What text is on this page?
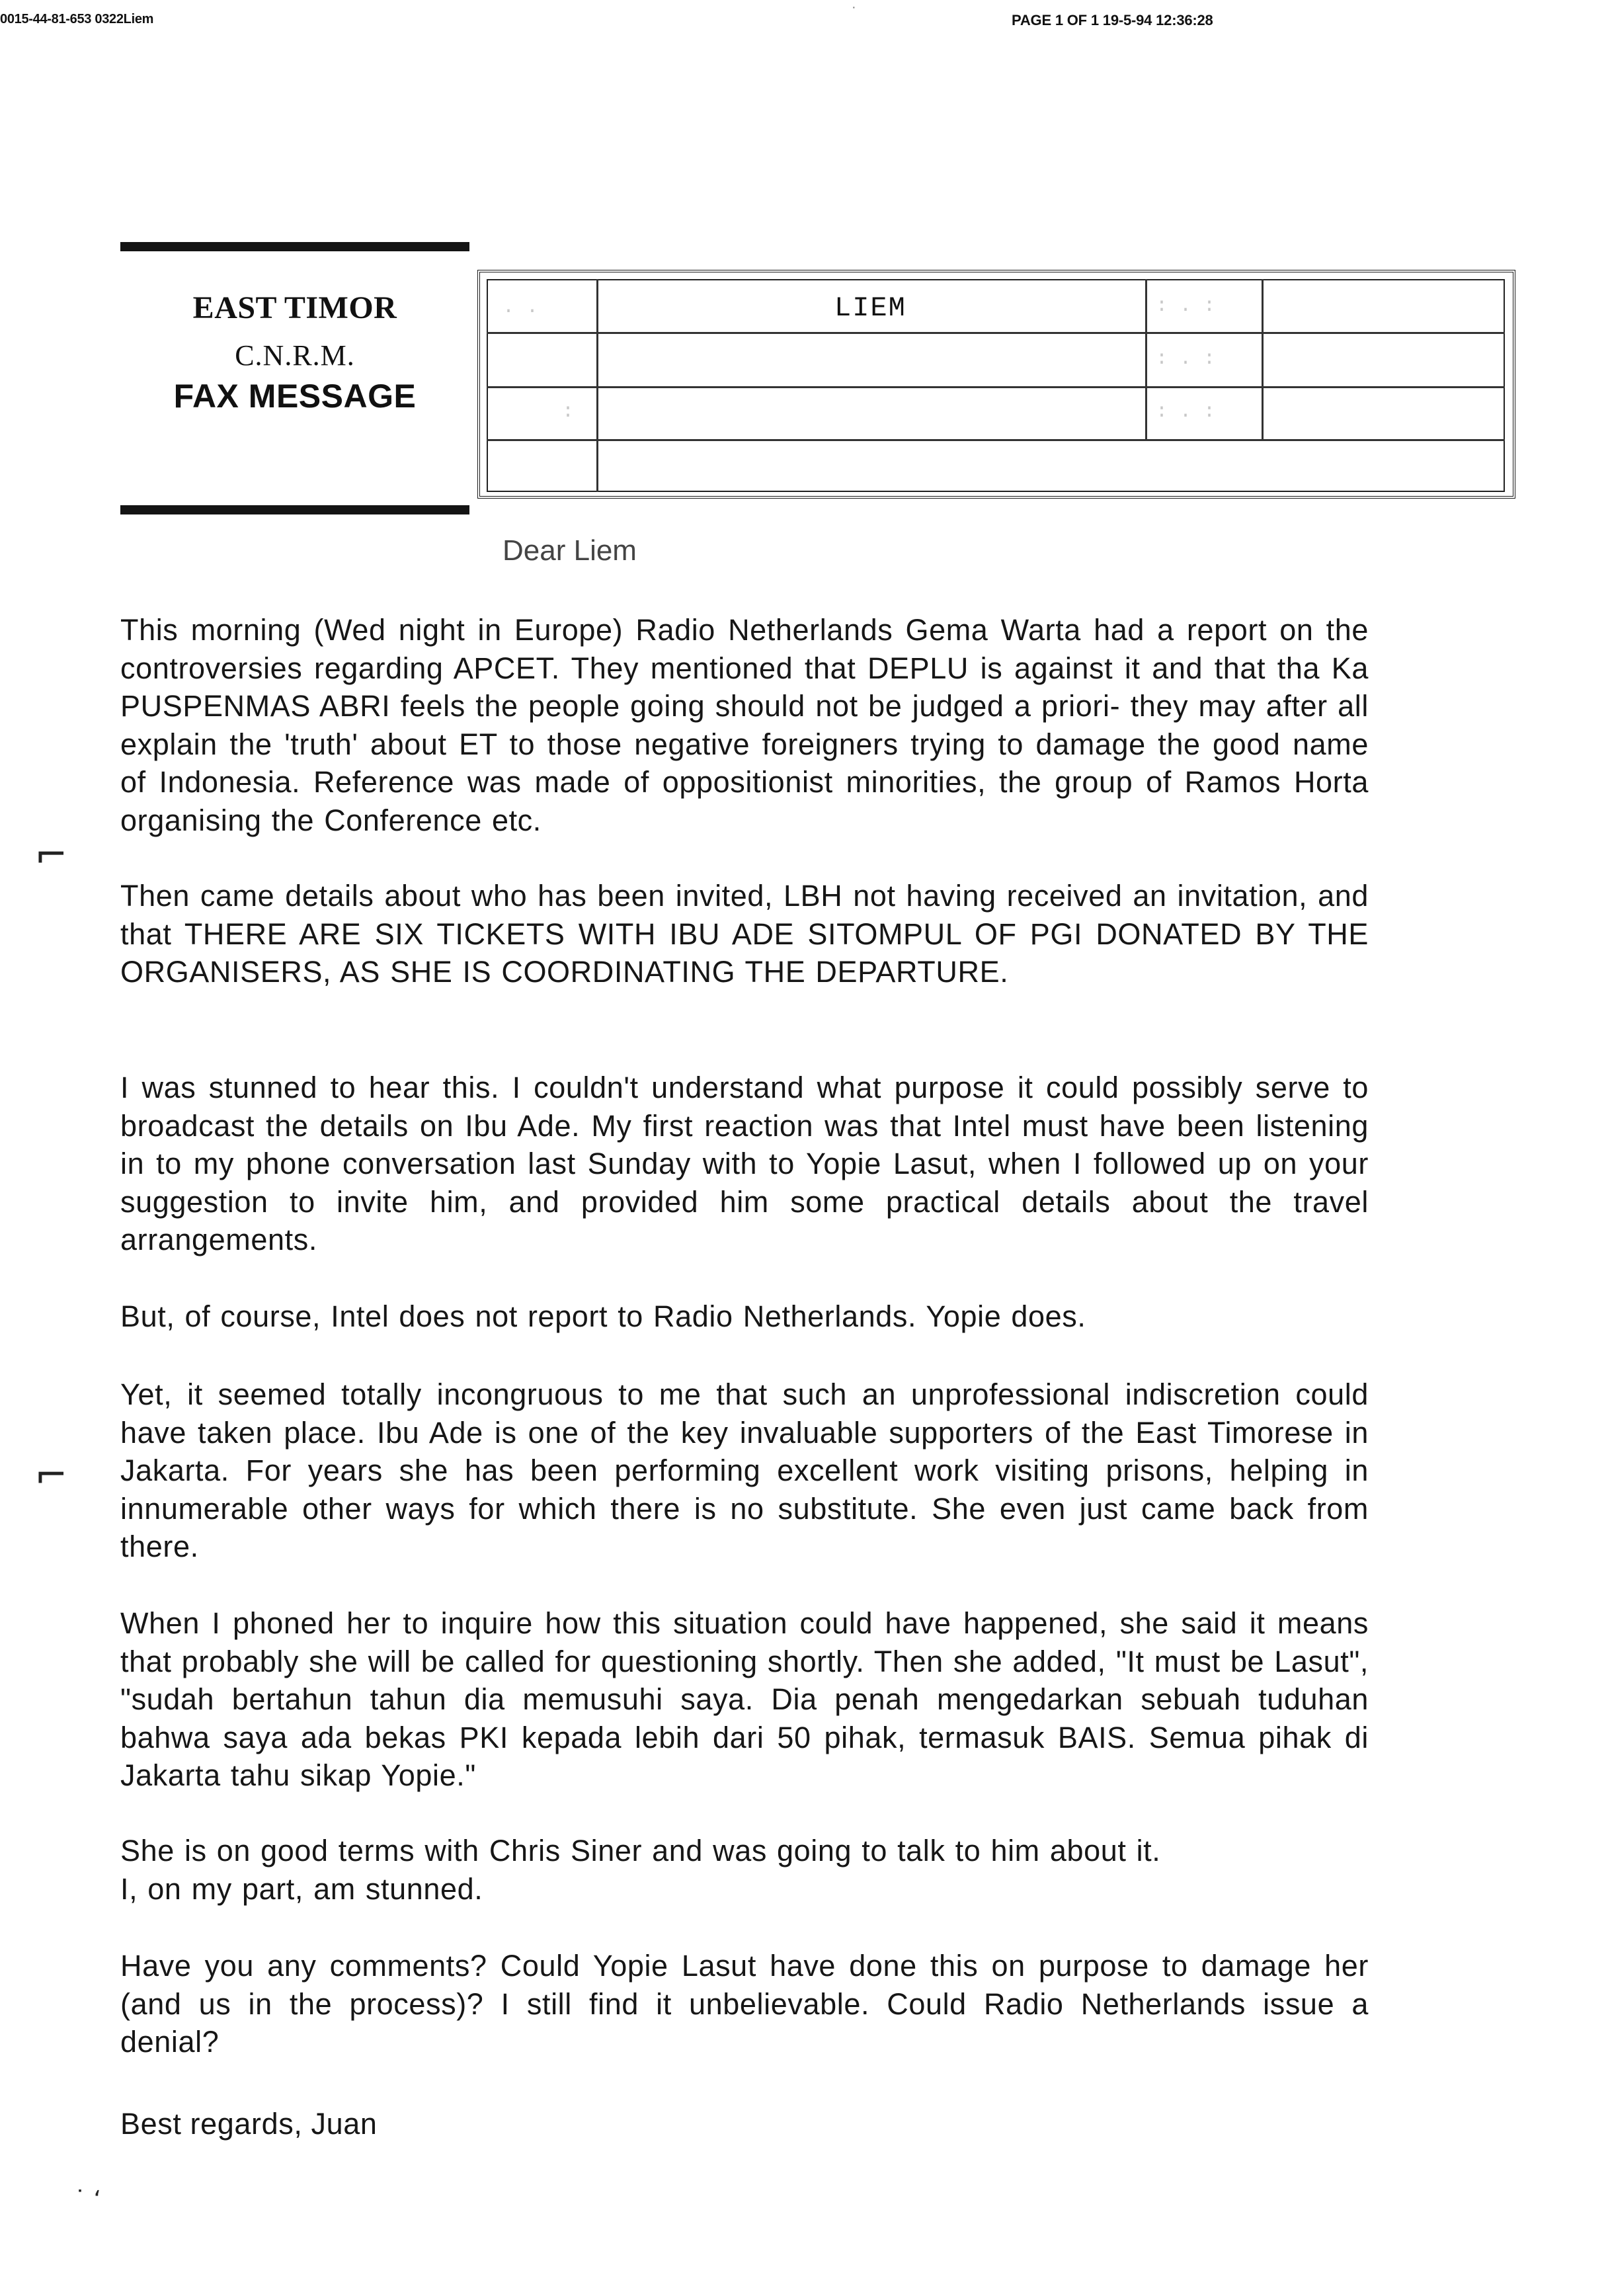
0015-44-81-653 0322Liem	PAGE 1 OF 1 19-5-94 12:36:28
·
EAST TIMOR
C.N.R.M.
FAX MESSAGE
. .	: . :
: . :
: . :
:
LIEM
Dear Liem
This morning (Wed night in Europe) Radio Netherlands Gema Warta had a report on the controversies regarding APCET. They mentioned that DEPLU is against it and that tha Ka PUSPENMAS ABRI feels the people going should not be judged a priori- they may after all explain the 'truth' about ET to those negative foreigners trying to damage the good name of Indonesia. Reference was made of oppositionist minorities, the group of Ramos Horta organising the Conference etc.
Then came details about who has been invited, LBH not having received an invitation, and that THERE ARE SIX TICKETS WITH IBU ADE SITOMPUL OF PGI DONATED BY THE ORGANISERS, AS SHE IS COORDINATING THE DEPARTURE.
I was stunned to hear this. I couldn't understand what purpose it could possibly serve to broadcast the details on Ibu Ade. My first reaction was that Intel must have been listening in to my phone conversation last Sunday with to Yopie Lasut, when I followed up on your suggestion to invite him, and provided him some practical details about the travel arrangements.
But, of course, Intel does not report to Radio Netherlands. Yopie does.
Yet, it seemed totally incongruous to me that such an unprofessional indiscretion could have taken place. Ibu Ade is one of the key invaluable supporters of the East Timorese in Jakarta. For years she has been performing excellent work visiting prisons, helping in innumerable other ways for which there is no substitute. She even just came back from there.
When I phoned her to inquire how this situation could have happened, she said it means that probably she will be called for questioning shortly. Then she added, "It must be Lasut", "sudah bertahun tahun dia memusuhi saya. Dia penah mengedarkan sebuah tuduhan bahwa saya ada bekas PKI kepada lebih dari 50 pihak, termasuk BAIS. Semua pihak di Jakarta tahu sikap Yopie."
She is on good terms with Chris Siner and was going to talk to him about it.
I, on my part, am stunned.
Have you any comments? Could Yopie Lasut have done this on purpose to damage her (and us in the process)? I still find it unbelievable. Could Radio Netherlands issue a denial?
Best regards, Juan
⌐
⌐
˙ ʻ
